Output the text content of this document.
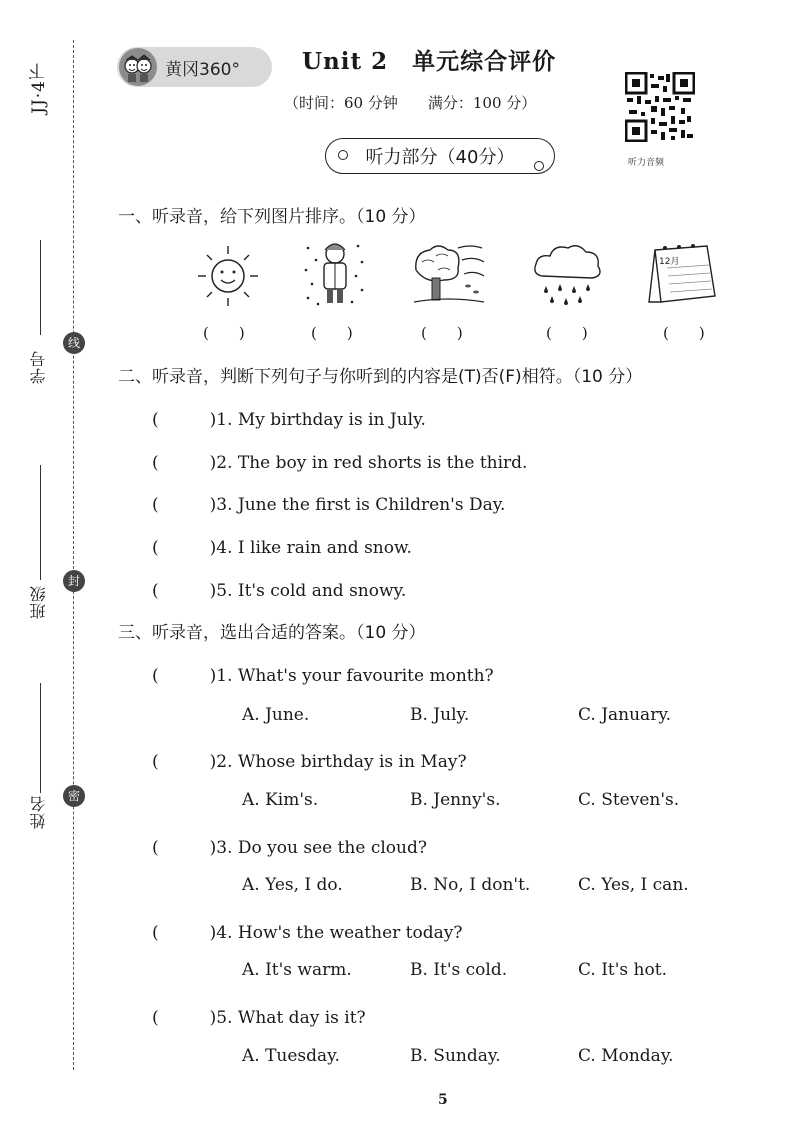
JJ·4下
学号
线
班级
封
姓名	密
黄冈360°	Unit 2　单元综合评价
（时间：60 分钟　　满分：100 分）
听力音频
听力部分（40分）
一、听录音，给下列图片排序。（10 分）
12月
(　　)	(　　)	(　　)	(　　)	(　　)
二、听录音，判断下列句子与你听到的内容是(T)否(F)相符。（10 分）
(　　　)1. My birthday is in July.
(　　　)2. The boy in red shorts is the third.
(　　　)3. June the first is Children's Day.
(　　　)4. I like rain and snow.
(　　　)5. It's cold and snowy.
三、听录音，选出合适的答案。（10 分）
(　　　)1. What's your favourite month?
A. June.	B. July.	C. January.
(　　　)2. Whose birthday is in May?
A. Kim's.	B. Jenny's.	C. Steven's.
(　　　)3. Do you see the cloud?
A. Yes, I do.	B. No, I don't.	C. Yes, I can.
(　　　)4. How's the weather today?
A. It's warm.	B. It's cold.	C. It's hot.
(　　　)5. What day is it?
A. Tuesday.	B. Sunday.	C. Monday.
5
